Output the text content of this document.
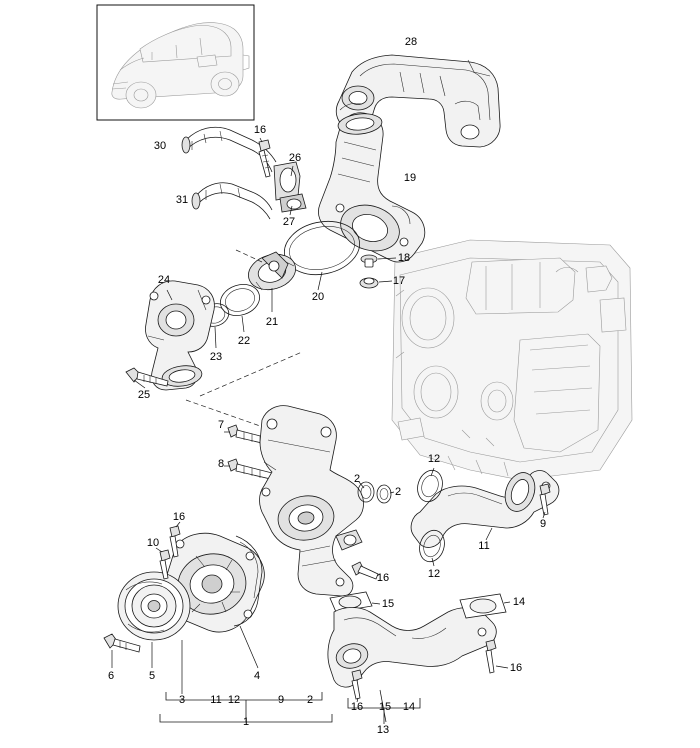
28
30
16
26
19
31
27
18
17
24
20
21
22
23
25
7
8	12
2
2
9
16
10	11
12
16
15	14
6	5	4
16
16 15 14
3 11 12	9 2
1
13
